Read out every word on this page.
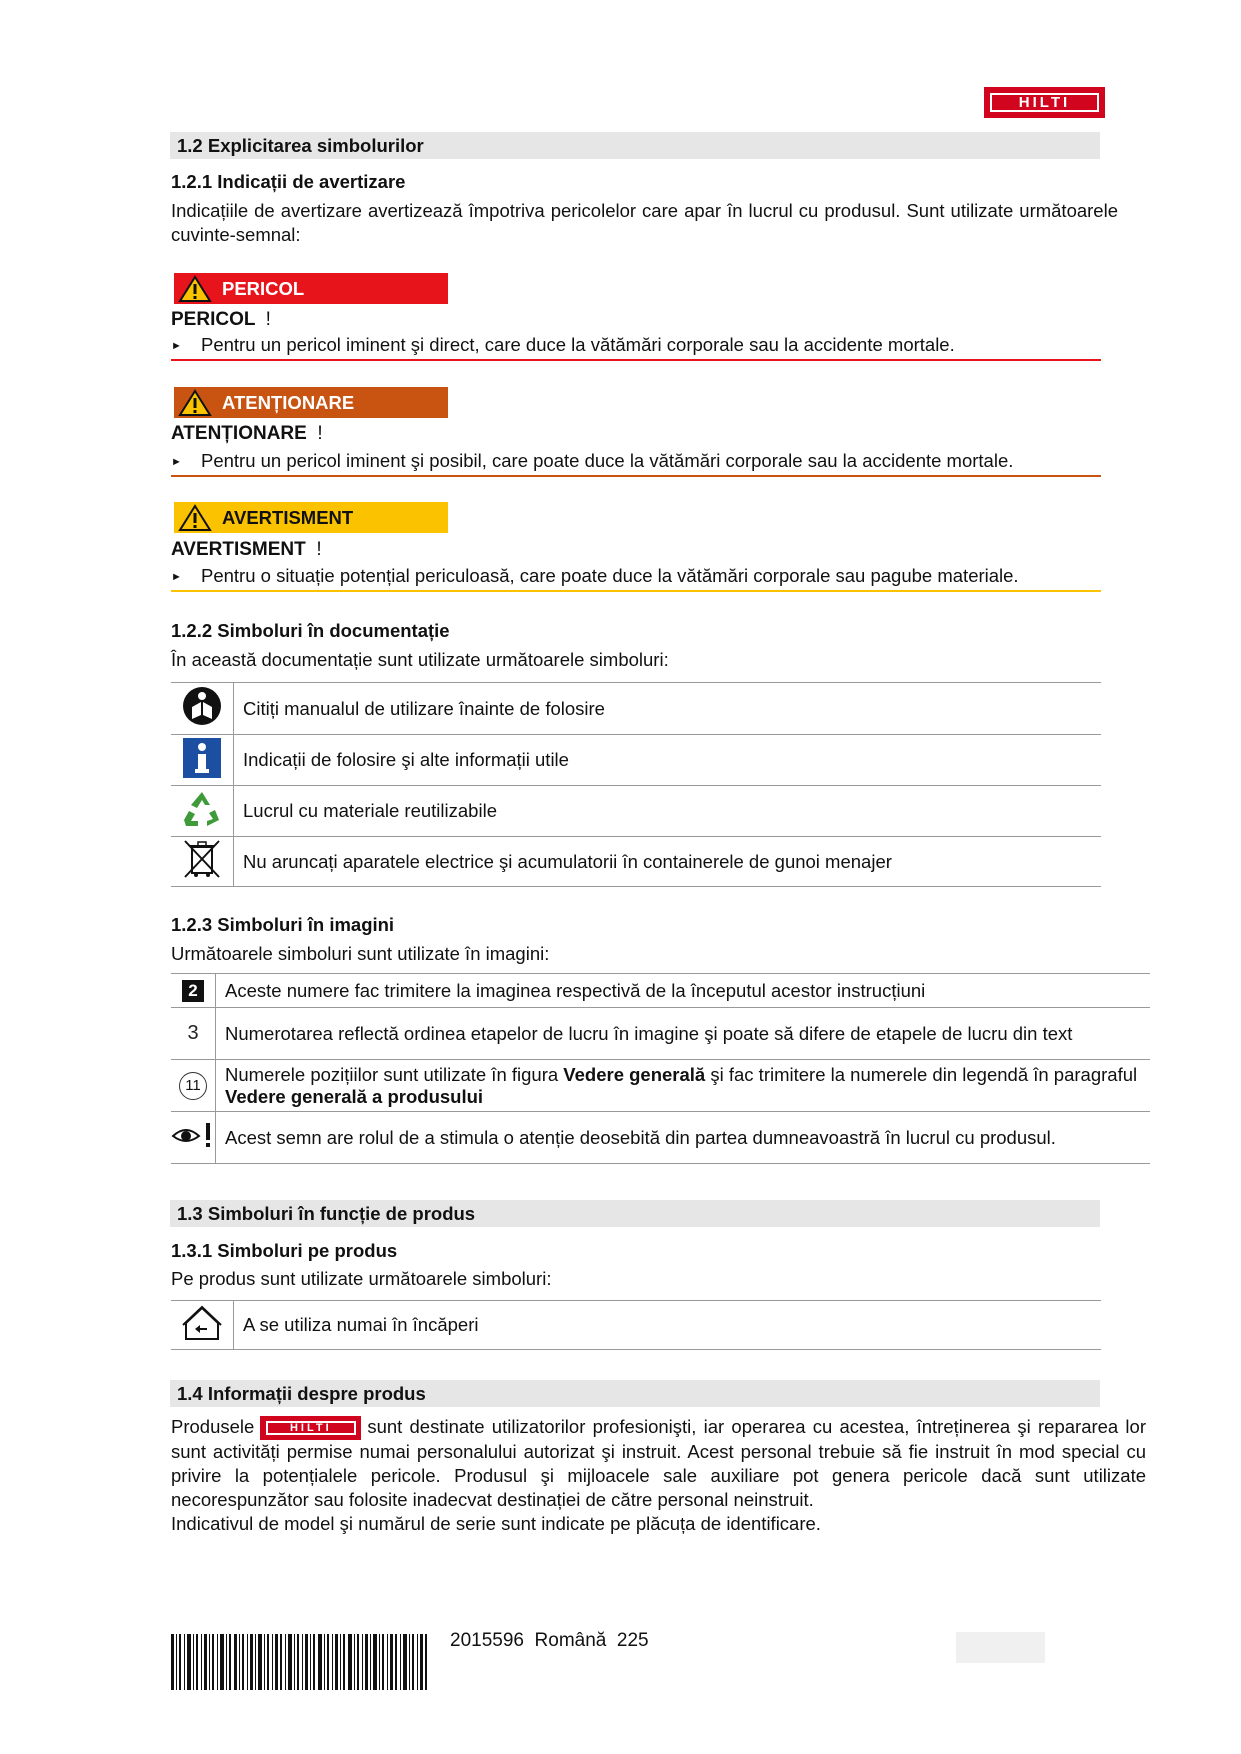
HILTI
1.2 Explicitarea simbolurilor
1.2.1 Indicații de avertizare
Indicațiile de avertizare avertizează împotriva pericolelor care apar în lucrul cu produsul. Sunt utilizate următoarele cuvinte-semnal:
PERICOL
PERICOL !
► Pentru un pericol iminent şi direct, care duce la vătămări corporale sau la accidente mortale.
ATENȚIONARE
ATENȚIONARE !
► Pentru un pericol iminent şi posibil, care poate duce la vătămări corporale sau la accidente mortale.
AVERTISMENT
AVERTISMENT !
► Pentru o situație potențial periculoasă, care poate duce la vătămări corporale sau pagube materiale.
1.2.2 Simboluri în documentație
În această documentație sunt utilizate următoarele simboluri:
	Citiți manualul de utilizare înainte de folosire
	Indicații de folosire şi alte informații utile
	Lucrul cu materiale reutilizabile
	Nu aruncați aparatele electrice şi acumulatorii în containerele de gunoi menajer
1.2.3 Simboluri în imagini
Următoarele simboluri sunt utilizate în imagini:
2	Aceste numere fac trimitere la imaginea respectivă de la începutul acestor instrucțiuni
3	Numerotarea reflectă ordinea etapelor de lucru în imagine şi poate să difere de etapele de lucru din text

11	Numerele pozițiilor sunt utilizate în figura Vedere generală şi fac trimitere la numerele din legendă în paragraful Vedere generală a produsului

Acest semn are rolul de a stimula o atenție deosebită din partea dumneavoastră în lucrul cu produsul.
1.3 Simboluri în funcție de produs
1.3.1 Simboluri pe produs
Pe produs sunt utilizate următoarele simboluri:
	A se utiliza numai în încăperi
1.4 Informații despre produs
Produsele	HILTI	sunt destinate utilizatorilor profesionişti, iar operarea cu acestea, întreținerea şi repararea lor sunt activități permise numai personalului autorizat şi instruit. Acest personal trebuie să fie instruit în mod special cu privire la potențialele pericole. Produsul şi mijloacele sale auxiliare pot genera pericole dacă sunt utilizate necorespunzător sau folosite inadecvat destinației de către personal neinstruit.
Indicativul de model şi numărul de serie sunt indicate pe plăcuța de identificare.
2015596 Română 225
